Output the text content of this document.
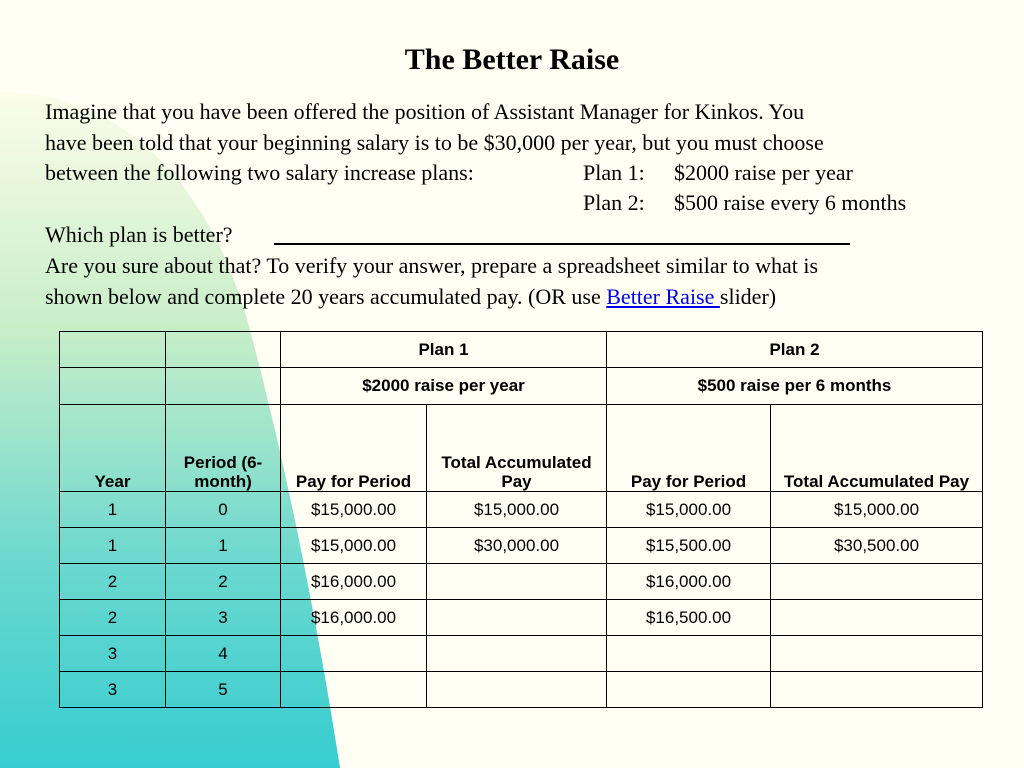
The Better Raise
Imagine that you have been offered the position of Assistant Manager for Kinkos. You
have been told that your beginning salary is to be $30,000 per year, but you must choose
between the following two salary increase plans:	Plan 1: $2000 raise per year
Plan 2: $500 raise every 6 months
Which plan is better?
Are you sure about that? To verify your answer, prepare a spreadsheet similar to what is
shown below and complete 20 years accumulated pay. (OR use Better Raise slider)
		Plan 1		Plan 2	
		$2000 raise per year		$500 raise per 6 months	
Year	Period (6-month)	Pay for Period	Total Accumulated Pay	Pay for Period	Total Accumulated Pay
1	0	$15,000.00	$15,000.00	$15,000.00	$15,000.00
1	1	$15,000.00	$30,000.00	$15,500.00	$30,500.00
2	2	$16,000.00		$16,000.00	
2	3	$16,000.00		$16,500.00	
3	4				
3	5				
